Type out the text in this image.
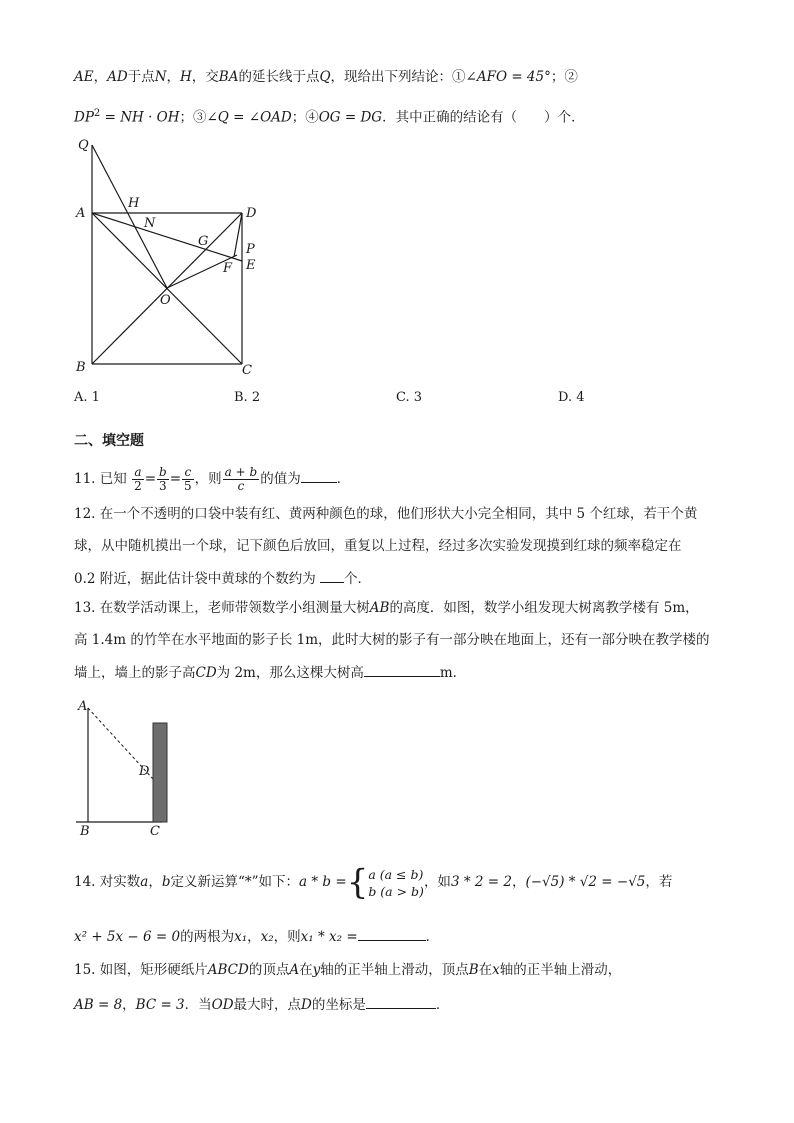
AE，AD于点N，H，交BA的延长线于点Q，现给出下列结论：①∠AFO = 45°；②
$DP^2$ = NH · OH；③∠Q = ∠OAD；④OG = DG．其中正确的结论有（　　）个．
Q
A
H
N
D
G
P
F E
O
B	C
A. 1	B. 2	C. 3	D. 4
二、填空题
11. 已知 $\frac{a}{2} = \frac{b}{3} = \frac{c}{5}$ ，则 $\frac{a + b}{c}$ 的值为	．
12. 在一个不透明的口袋中装有红、黄两种颜色的球，他们形状大小完全相同，其中 5 个红球，若干个黄
球，从中随机摸出一个球，记下颜色后放回，重复以上过程，经过多次实验发现摸到红球的频率稳定在
0.2 附近，据此估计袋中黄球的个数约为 个．
13. 在数学活动课上，老师带领数学小组测量大树AB的高度．如图，数学小组发现大树离教学楼有 5m，
高 1.4m 的竹竿在水平地面的影子长 1m，此时大树的影子有一部分映在地面上，还有一部分映在教学楼的
墙上，墙上的影子高CD为 2m，那么这棵大树高	m．
A
B	C
D
14. 对实数a，b定义新运算“*”如下：a * b ={ a (a ≤ b)
b (a > b)
，如3 * 2 = 2，(−√5) * √2 = −√5，若
x² + 5x − 6 = 0的两根为x₁，x₂，则x₁ * x₂ =	．
15. 如图，矩形硬纸片ABCD的顶点A在y轴的正半轴上滑动，顶点B在x轴的正半轴上滑动，
AB = 8，BC = 3．当OD最大时，点D的坐标是	．
